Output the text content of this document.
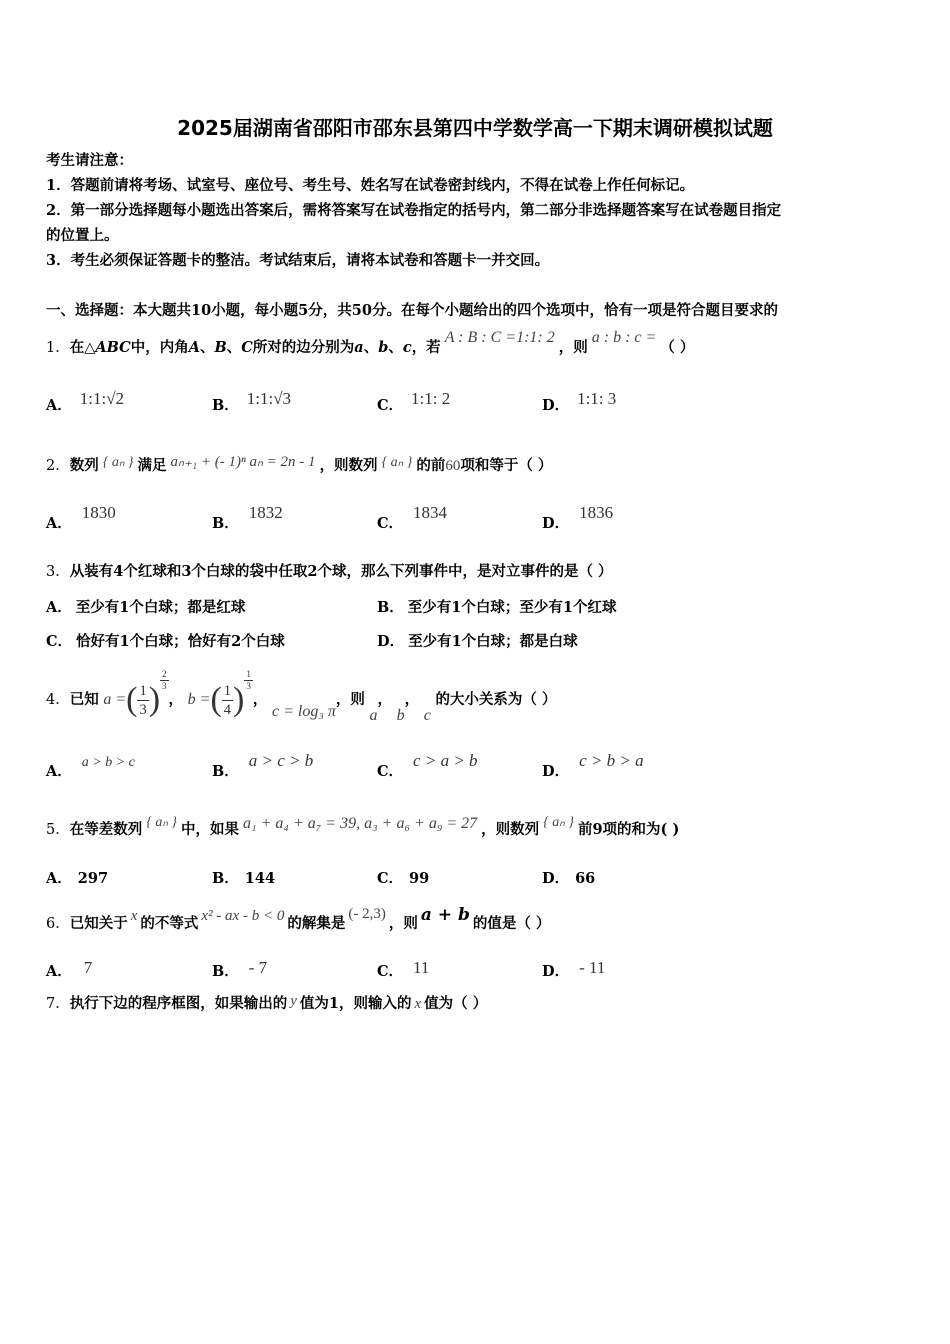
2025届湖南省邵阳市邵东县第四中学数学高一下期末调研模拟试题
考生请注意：
1．答题前请将考场、试室号、座位号、考生号、姓名写在试卷密封线内，不得在试卷上作任何标记。
2．第一部分选择题每小题选出答案后，需将答案写在试卷指定的括号内，第二部分非选择题答案写在试卷题目指定
的位置上。
3．考生必须保证答题卡的整洁。考试结束后，请将本试卷和答题卡一并交回。
一、选择题：本大题共10小题，每小题5分，共50分。在每个小题给出的四个选项中，恰有一项是符合题目要求的
1．在△ABC中，内角A、B、C所对的边分别为a、b、c，若A : B : C =1:1: 2，则a : b : c =（ ）
A． 1:1:√2	B． 1:1:√3	C． 1:1: 2	D． 1:1: 3
2．数列 { aₙ } 满足 aₙ₊₁ + (- 1)ⁿ aₙ = 2n - 1 ，则数列 { aₙ } 的前60项和等于（ ）
A．1830
B．1832
C．1834
D．1836
3．从装有4个红球和3个白球的袋中任取2个球，那么下列事件中，是对立事件的是（ ）
A． 至少有1个白球；都是红球	B． 至少有1个白球；至少有1个红球
C． 恰好有1个白球；恰好有2个白球	D． 至少有1个白球；都是白球
4．已知 a =( $\frac{1}{3}$ )
$\frac{2}{3}$
， b =( $\frac{1}{4}$ )
$\frac{1}{3}$
， c = log₃ π，则 a， b， c 的大小关系为（ ）
A．a > b > c
B．a > c > b
C．c > a > b
D．c > b > a
5．在等差数列 { aₙ } 中，如果 a₁ + a₄ + a₇ = 39, a₃ + a₆ + a₉ = 27 ，则数列 { aₙ } 前9项的和为( )
A． 297	B． 144	C． 99	D． 66
6．已知关于 x 的不等式 x² - ax - b < 0 的解集是(- 2,3)，则 a + b 的值是（ ）
A． 7	B． - 7	C． 11	D． - 11
7．执行下边的程序框图，如果输出的 y 值为1，则输入的 x 值为（ ）
